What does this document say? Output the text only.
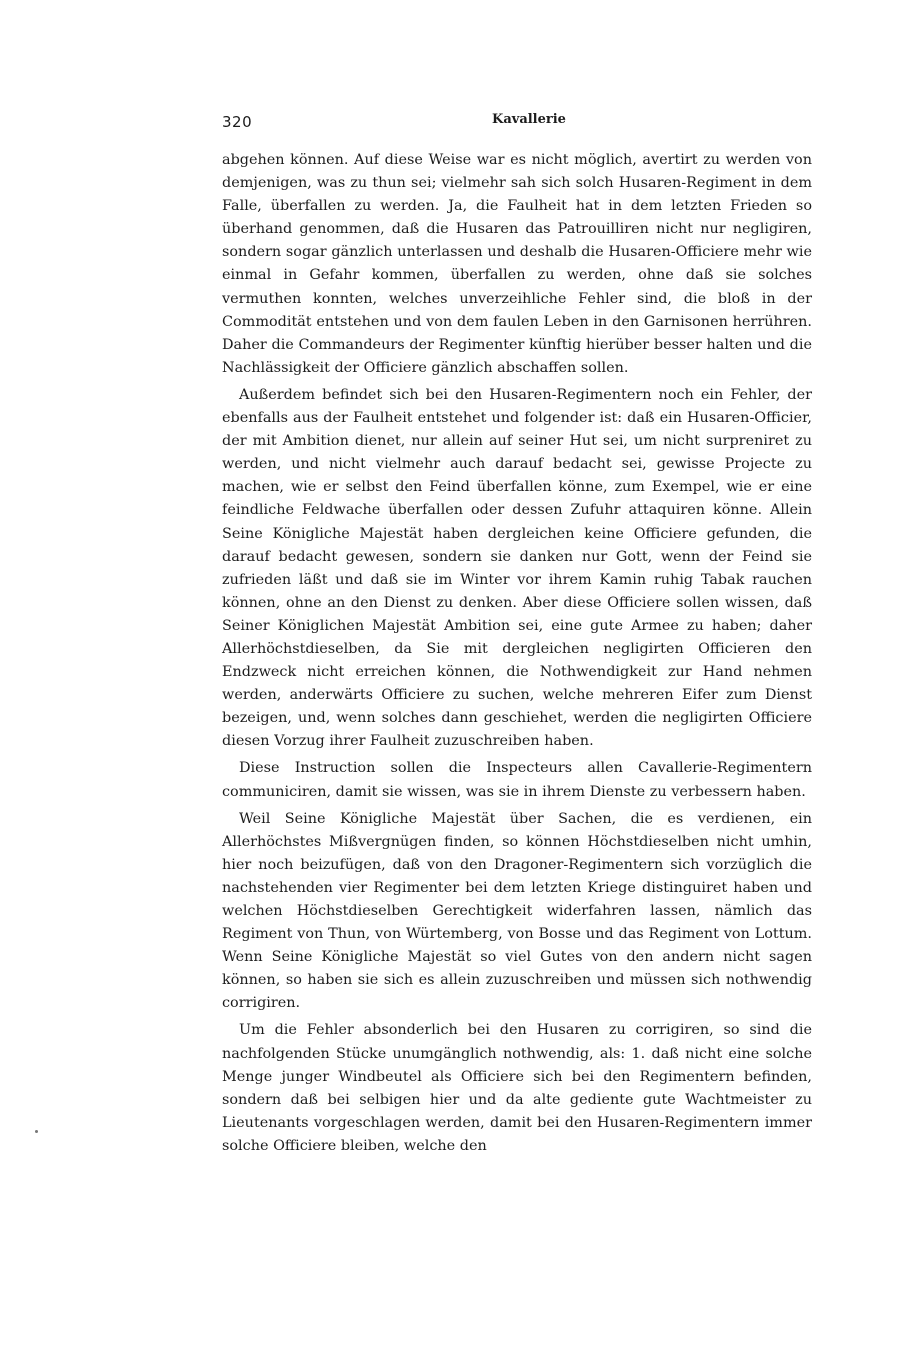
320	Kavallerie

abgehen können. Auf diese Weise war es nicht möglich, avertirt zu werden von demjenigen, was zu thun sei; vielmehr sah sich solch Husaren-Regiment in dem Falle, überfallen zu werden. Ja, die Faulheit hat in dem letzten Frieden so überhand genommen, daß die Husaren das Patrouilliren nicht nur negligiren, sondern sogar gänzlich unterlassen und deshalb die Husaren-Officiere mehr wie einmal in Gefahr kommen, überfallen zu werden, ohne daß sie solches vermuthen konnten, welches unverzeihliche Fehler sind, die bloß in der Commodität entstehen und von dem faulen Leben in den Garnisonen herrühren. Daher die Commandeurs der Regimenter künftig hierüber besser halten und die Nachlässigkeit der Officiere gänzlich abschaffen sollen.

Außerdem befindet sich bei den Husaren-Regimentern noch ein Fehler, der ebenfalls aus der Faulheit entstehet und folgender ist: daß ein Husaren-Officier, der mit Ambition dienet, nur allein auf seiner Hut sei, um nicht surpreniret zu werden, und nicht vielmehr auch darauf bedacht sei, gewisse Projecte zu machen, wie er selbst den Feind überfallen könne, zum Exempel, wie er eine feindliche Feldwache überfallen oder dessen Zufuhr attaquiren könne. Allein Seine Königliche Majestät haben dergleichen keine Officiere gefunden, die darauf bedacht gewesen, sondern sie danken nur Gott, wenn der Feind sie zufrieden läßt und daß sie im Winter vor ihrem Kamin ruhig Tabak rauchen können, ohne an den Dienst zu denken. Aber diese Officiere sollen wissen, daß Seiner Königlichen Majestät Ambition sei, eine gute Armee zu haben; daher Allerhöchstdieselben, da Sie mit dergleichen negligirten Officieren den Endzweck nicht erreichen können, die Nothwendigkeit zur Hand nehmen werden, anderwärts Officiere zu suchen, welche mehreren Eifer zum Dienst bezeigen, und, wenn solches dann geschiehet, werden die negligirten Officiere diesen Vorzug ihrer Faulheit zuzuschreiben haben.

Diese Instruction sollen die Inspecteurs allen Cavallerie-Regimentern communiciren, damit sie wissen, was sie in ihrem Dienste zu verbessern haben.

Weil Seine Königliche Majestät über Sachen, die es verdienen, ein Allerhöchstes Mißvergnügen finden, so können Höchstdieselben nicht umhin, hier noch beizufügen, daß von den Dragoner-Regimentern sich vorzüglich die nachstehenden vier Regimenter bei dem letzten Kriege distinguiret haben und welchen Höchstdieselben Gerechtigkeit widerfahren lassen, nämlich das Regiment von Thun, von Würtemberg, von Bosse und das Regiment von Lottum. Wenn Seine Königliche Majestät so viel Gutes von den andern nicht sagen können, so haben sie sich es allein zuzuschreiben und müssen sich nothwendig corrigiren.

Um die Fehler absonderlich bei den Husaren zu corrigiren, so sind die nachfolgenden Stücke unumgänglich nothwendig, als: 1. daß nicht eine solche Menge junger Windbeutel als Officiere sich bei den Regimentern befinden, sondern daß bei selbigen hier und da alte gediente gute Wachtmeister zu Lieutenants vorgeschlagen werden, damit bei den Husaren-Regimentern immer solche Officiere bleiben, welche den
